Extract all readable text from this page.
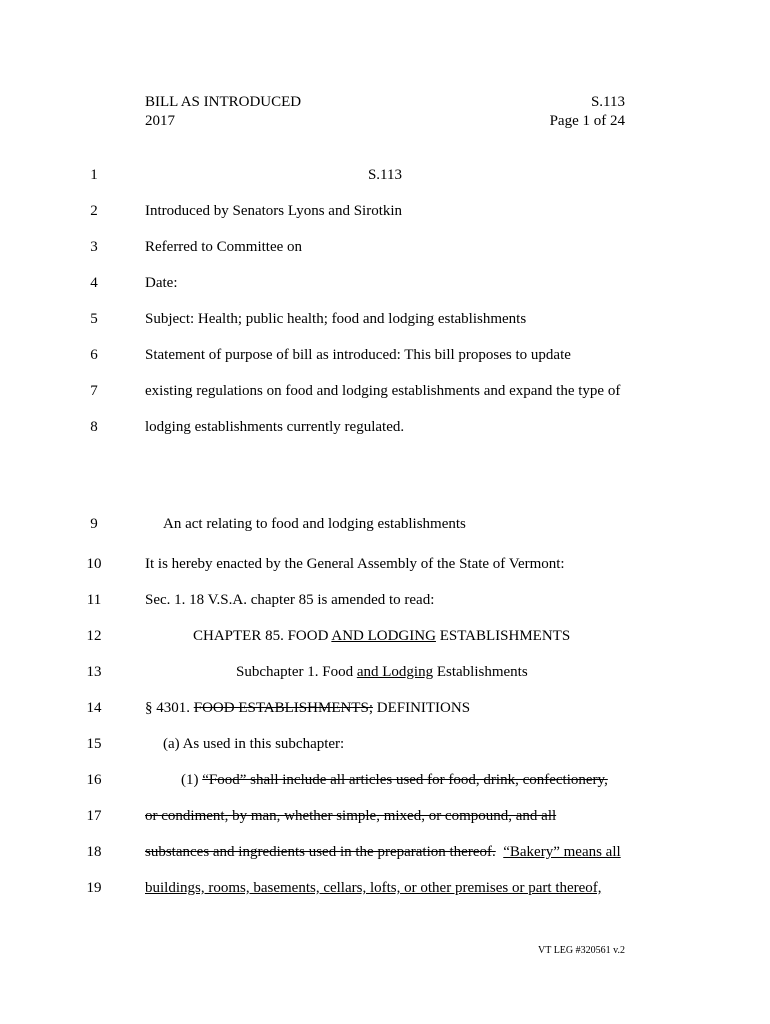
BILL AS INTRODUCED
2017
S.113
Page 1 of 24
1	S.113
2	Introduced by Senators Lyons and Sirotkin
3	Referred to Committee on
4	Date:
5	Subject: Health; public health; food and lodging establishments
6	Statement of purpose of bill as introduced: This bill proposes to update
7	existing regulations on food and lodging establishments and expand the type of
8	lodging establishments currently regulated.
9	An act relating to food and lodging establishments
10	It is hereby enacted by the General Assembly of the State of Vermont:
11	Sec. 1. 18 V.S.A. chapter 85 is amended to read:
12	CHAPTER 85. FOOD AND LODGING ESTABLISHMENTS
13	Subchapter 1. Food and Lodging Establishments
14	§ 4301. FOOD ESTABLISHMENTS; DEFINITIONS
15	(a) As used in this subchapter:
16	(1) “Food” shall include all articles used for food, drink, confectionery,
17	or condiment, by man, whether simple, mixed, or compound, and all
18	substances and ingredients used in the preparation thereof. “Bakery” means all
19	buildings, rooms, basements, cellars, lofts, or other premises or part thereof,
VT LEG #320561 v.2
